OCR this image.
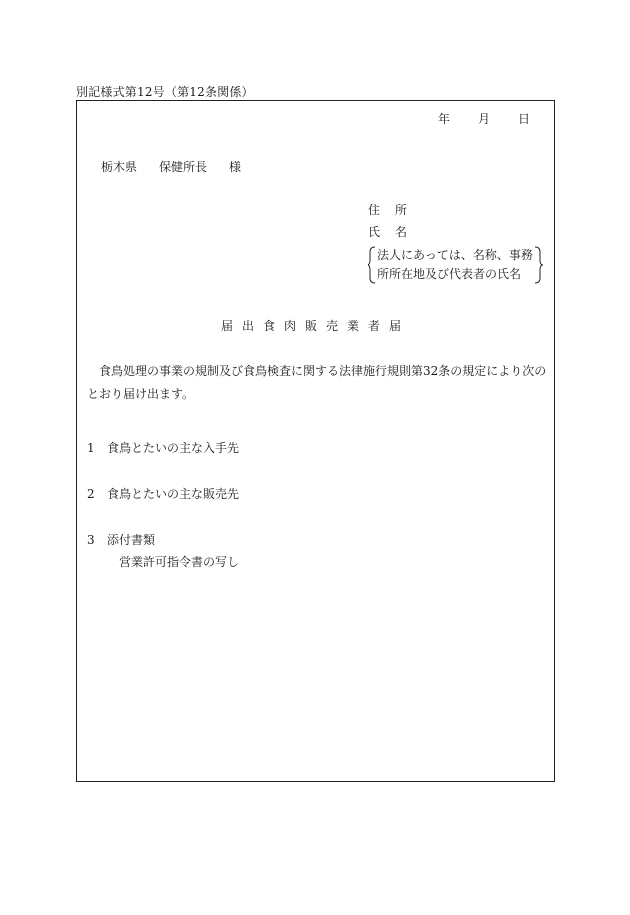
別記様式第12号（第12条関係）
年 月 日
栃木県 保健所長 様
住 所
氏 名
法人にあっては、名称、事務
所所在地及び代表者の氏名
届出食肉販売業者届
食鳥処理の事業の規制及び食鳥検査に関する法律施行規則第32条の規定により次の
とおり届け出ます。
1 食鳥とたいの主な入手先
2 食鳥とたいの主な販売先
3 添付書類
営業許可指令書の写し
